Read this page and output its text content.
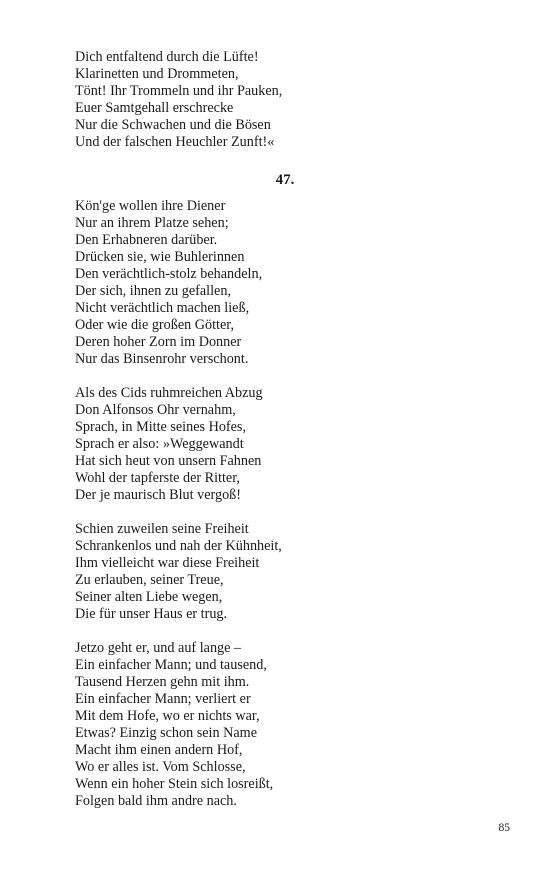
Dich entfaltend durch die Lüfte!
Klarinetten und Drommeten,
Tönt! Ihr Trommeln und ihr Pauken,
Euer Samtgehall erschrecke
Nur die Schwachen und die Bösen
Und der falschen Heuchler Zunft!«
47.
Kön'ge wollen ihre Diener
Nur an ihrem Platze sehen;
Den Erhabneren darüber.
Drücken sie, wie Buhlerinnen
Den verächtlich-stolz behandeln,
Der sich, ihnen zu gefallen,
Nicht verächtlich machen ließ,
Oder wie die großen Götter,
Deren hoher Zorn im Donner
Nur das Binsenrohr verschont.
Als des Cids ruhmreichen Abzug
Don Alfonsos Ohr vernahm,
Sprach, in Mitte seines Hofes,
Sprach er also: »Weggewandt
Hat sich heut von unsern Fahnen
Wohl der tapferste der Ritter,
Der je maurisch Blut vergoß!
Schien zuweilen seine Freiheit
Schrankenlos und nah der Kühnheit,
Ihm vielleicht war diese Freiheit
Zu erlauben, seiner Treue,
Seiner alten Liebe wegen,
Die für unser Haus er trug.
Jetzo geht er, und auf lange –
Ein einfacher Mann; und tausend,
Tausend Herzen gehn mit ihm.
Ein einfacher Mann; verliert er
Mit dem Hofe, wo er nichts war,
Etwas? Einzig schon sein Name
Macht ihm einen andern Hof,
Wo er alles ist. Vom Schlosse,
Wenn ein hoher Stein sich losreißt,
Folgen bald ihm andre nach.
85
